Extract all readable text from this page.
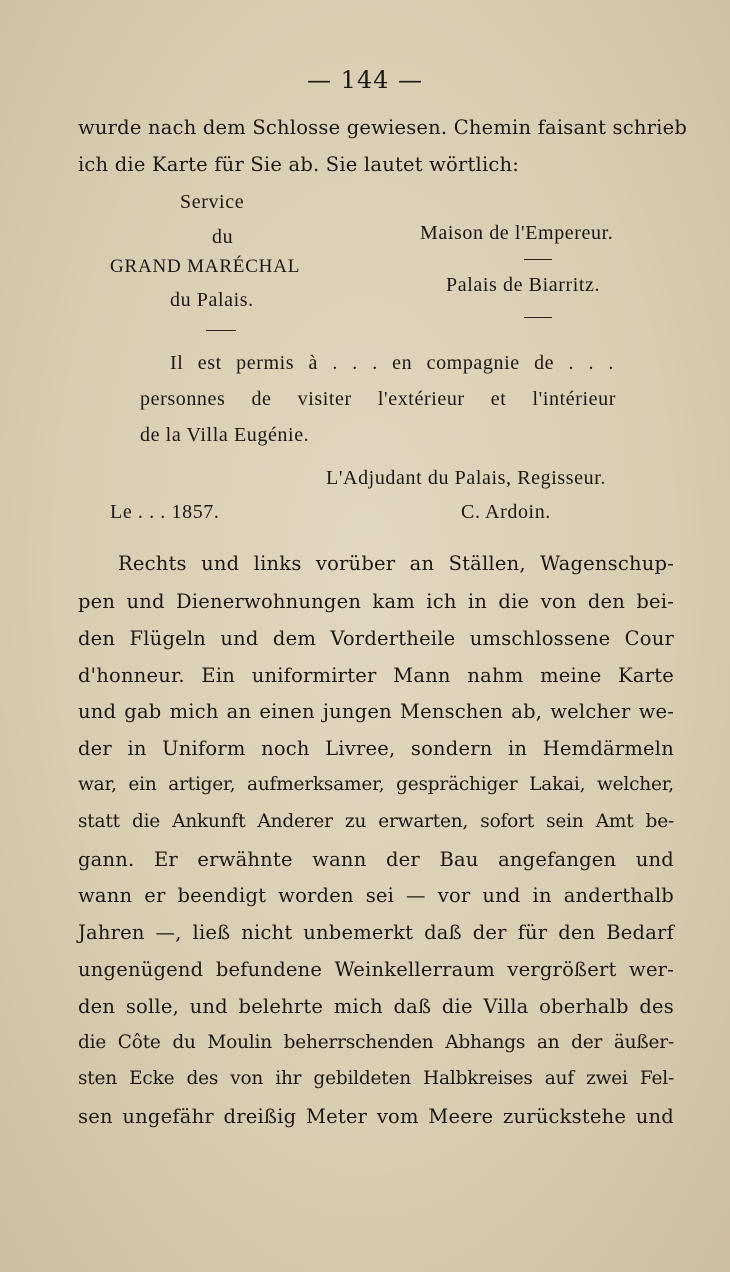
— 144 —
wurde nach dem Schlosse gewiesen. Chemin faisant schrieb
ich die Karte für Sie ab. Sie lautet wörtlich:
Service
du
GRAND MARÉCHAL
du Palais.
Maison de l'Empereur.
Palais de Biarritz.
Il est permis à . . . en compagnie de . . .
personnes de visiter l'extérieur et l'intérieur
de la Villa Eugénie.
L'Adjudant du Palais, Regisseur.
Le . . . 1857.	C. Ardoin.
Rechts und links vorüber an Ställen, Wagenschup-
pen und Dienerwohnungen kam ich in die von den bei-
den Flügeln und dem Vordertheile umschlossene Cour
d'honneur. Ein uniformirter Mann nahm meine Karte
und gab mich an einen jungen Menschen ab, welcher we-
der in Uniform noch Livree, sondern in Hemdärmeln
war, ein artiger, aufmerksamer, gesprächiger Lakai, welcher,
statt die Ankunft Anderer zu erwarten, sofort sein Amt be-
gann. Er erwähnte wann der Bau angefangen und
wann er beendigt worden sei — vor und in anderthalb
Jahren —, ließ nicht unbemerkt daß der für den Bedarf
ungenügend befundene Weinkellerraum vergrößert wer-
den solle, und belehrte mich daß die Villa oberhalb des
die Côte du Moulin beherrschenden Abhangs an der äußer-
sten Ecke des von ihr gebildeten Halbkreises auf zwei Fel-
sen ungefähr dreißig Meter vom Meere zurückstehe und
